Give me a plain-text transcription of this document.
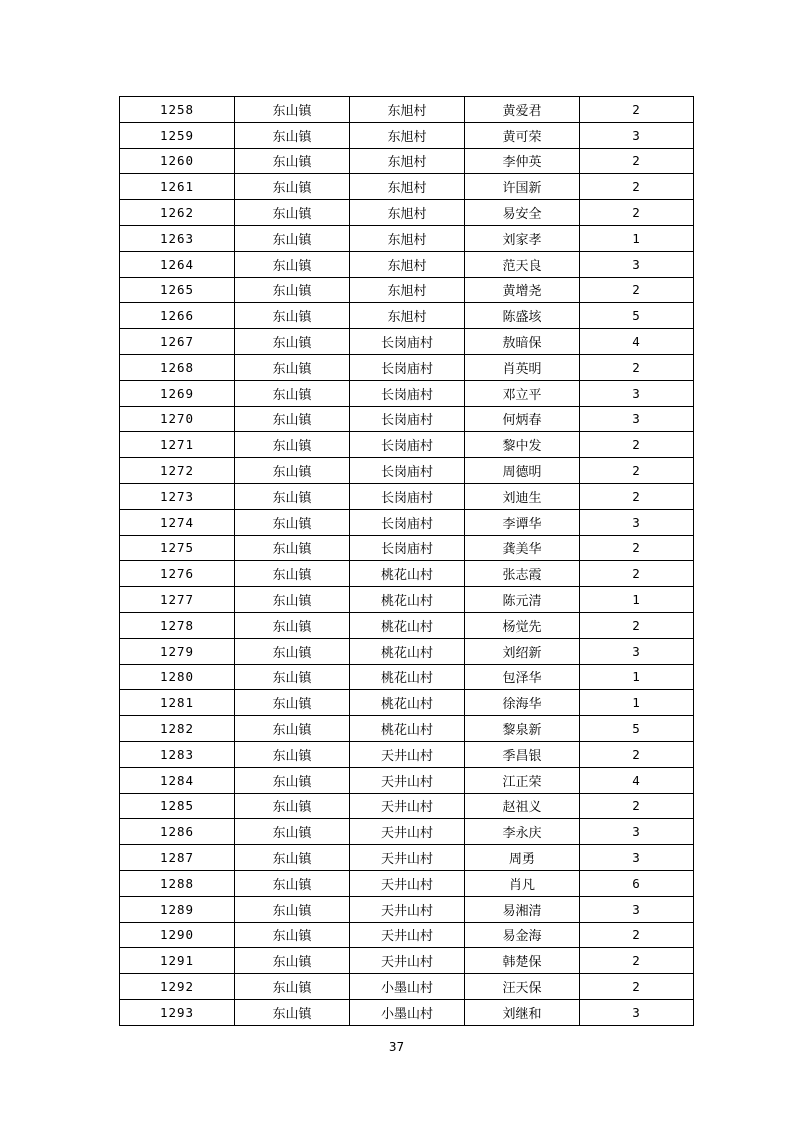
1258	东山镇	东旭村	黄爱君	2
1259	东山镇	东旭村	黄可荣	3
1260	东山镇	东旭村	李仲英	2
1261	东山镇	东旭村	许国新	2
1262	东山镇	东旭村	易安全	2
1263	东山镇	东旭村	刘家孝	1
1264	东山镇	东旭村	范天良	3
1265	东山镇	东旭村	黄增尧	2
1266	东山镇	东旭村	陈盛垓	5
1267	东山镇	长岗庙村	敖暗保	4
1268	东山镇	长岗庙村	肖英明	2
1269	东山镇	长岗庙村	邓立平	3
1270	东山镇	长岗庙村	何炳春	3
1271	东山镇	长岗庙村	黎中发	2
1272	东山镇	长岗庙村	周德明	2
1273	东山镇	长岗庙村	刘迪生	2
1274	东山镇	长岗庙村	李谭华	3
1275	东山镇	长岗庙村	龚美华	2
1276	东山镇	桃花山村	张志霞	2
1277	东山镇	桃花山村	陈元清	1
1278	东山镇	桃花山村	杨觉先	2
1279	东山镇	桃花山村	刘绍新	3
1280	东山镇	桃花山村	包泽华	1
1281	东山镇	桃花山村	徐海华	1
1282	东山镇	桃花山村	黎泉新	5
1283	东山镇	天井山村	季昌银	2
1284	东山镇	天井山村	江正荣	4
1285	东山镇	天井山村	赵祖义	2
1286	东山镇	天井山村	李永庆	3
1287	东山镇	天井山村	周勇	3
1288	东山镇	天井山村	肖凡	6
1289	东山镇	天井山村	易湘清	3
1290	东山镇	天井山村	易金海	2
1291	东山镇	天井山村	韩楚保	2
1292	东山镇	小墨山村	汪天保	2
1293	东山镇	小墨山村	刘继和	3
37
